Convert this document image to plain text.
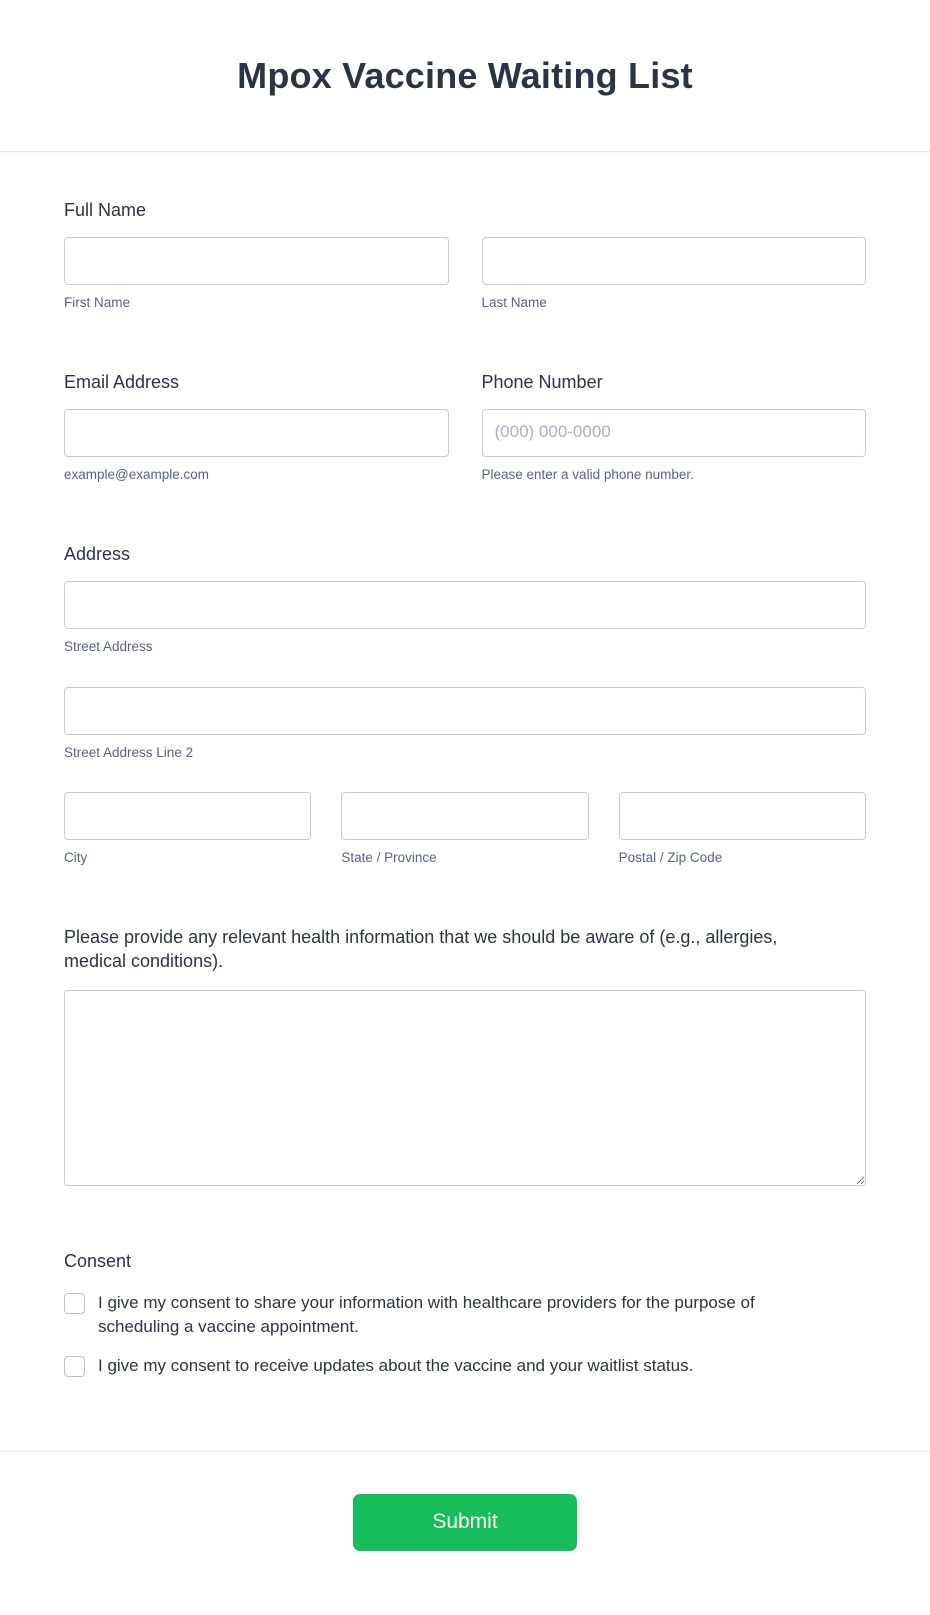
Mpox Vaccine Waiting List
Full Name
First Name	Last Name
Email Address
example@example.com
Phone Number
(000) 000-0000
Please enter a valid phone number.
Address
Street Address
Street Address Line 2
City	State / Province	Postal / Zip Code
Please provide any relevant health information that we should be aware of (e.g., allergies, medical conditions).
Consent
I give my consent to share your information with healthcare providers for the purpose of scheduling a vaccine appointment.
I give my consent to receive updates about the vaccine and your waitlist status.
Submit
